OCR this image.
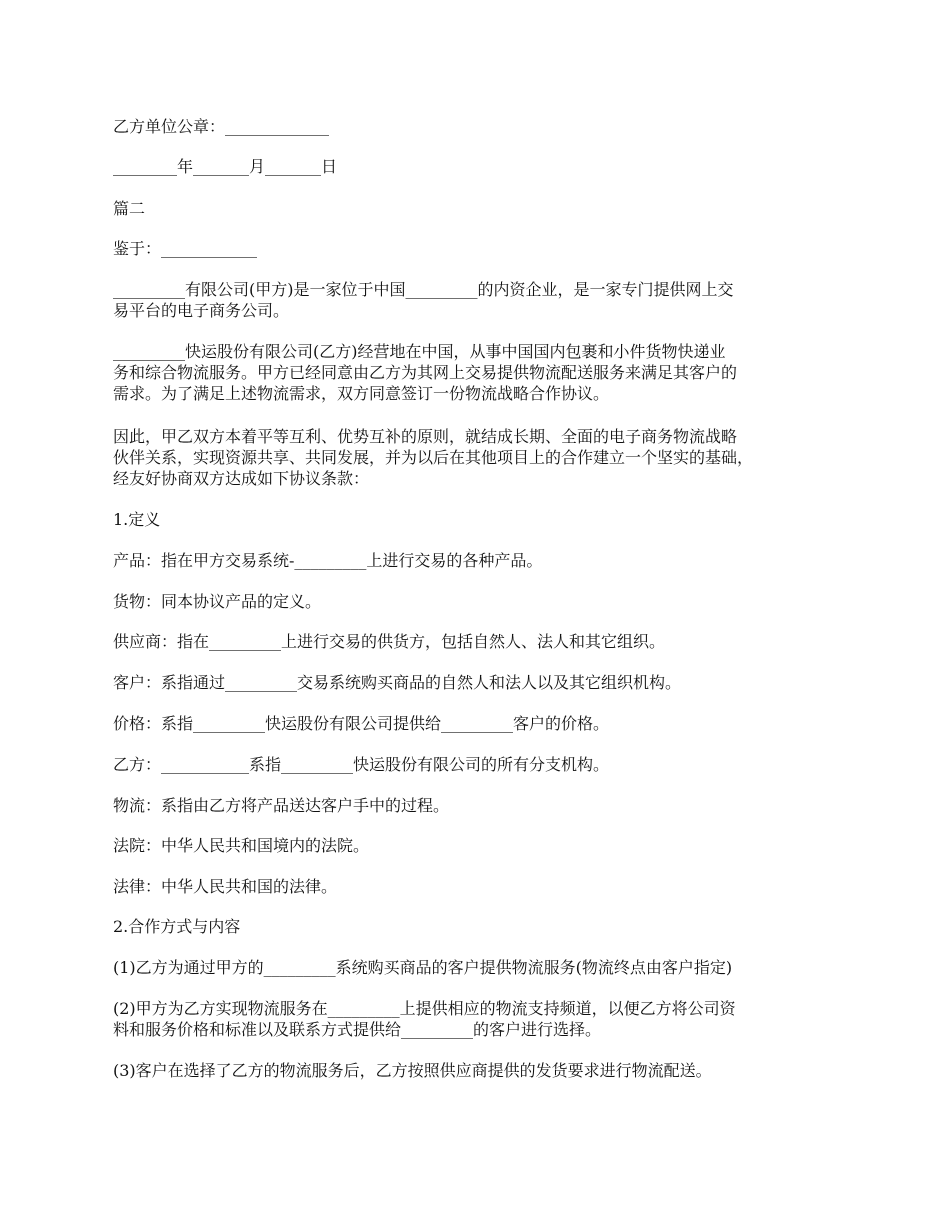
乙方单位公章：_____________

________年_______月_______日

篇二

鉴于：____________

_________有限公司(甲方)是一家位于中国_________的内资企业，是一家专门提供网上交
易平台的电子商务公司。

_________快运股份有限公司(乙方)经营地在中国，从事中国国内包裹和小件货物快递业
务和综合物流服务。甲方已经同意由乙方为其网上交易提供物流配送服务来满足其客户的
需求。为了满足上述物流需求，双方同意签订一份物流战略合作协议。

因此，甲乙双方本着平等互利、优势互补的原则，就结成长期、全面的电子商务物流战略
伙伴关系，实现资源共享、共同发展，并为以后在其他项目上的合作建立一个坚实的基础，
经友好协商双方达成如下协议条款：

1.定义

产品：指在甲方交易系统-_________上进行交易的各种产品。

货物：同本协议产品的定义。

供应商：指在_________上进行交易的供货方，包括自然人、法人和其它组织。

客户：系指通过_________交易系统购买商品的自然人和法人以及其它组织机构。

价格：系指_________快运股份有限公司提供给_________客户的价格。

乙方：___________系指_________快运股份有限公司的所有分支机构。

物流：系指由乙方将产品送达客户手中的过程。

法院：中华人民共和国境内的法院。

法律：中华人民共和国的法律。

2.合作方式与内容

(1)乙方为通过甲方的_________系统购买商品的客户提供物流服务(物流终点由客户指定)

(2)甲方为乙方实现物流服务在_________上提供相应的物流支持频道，以便乙方将公司资
料和服务价格和标准以及联系方式提供给_________的客户进行选择。

(3)客户在选择了乙方的物流服务后，乙方按照供应商提供的发货要求进行物流配送。
